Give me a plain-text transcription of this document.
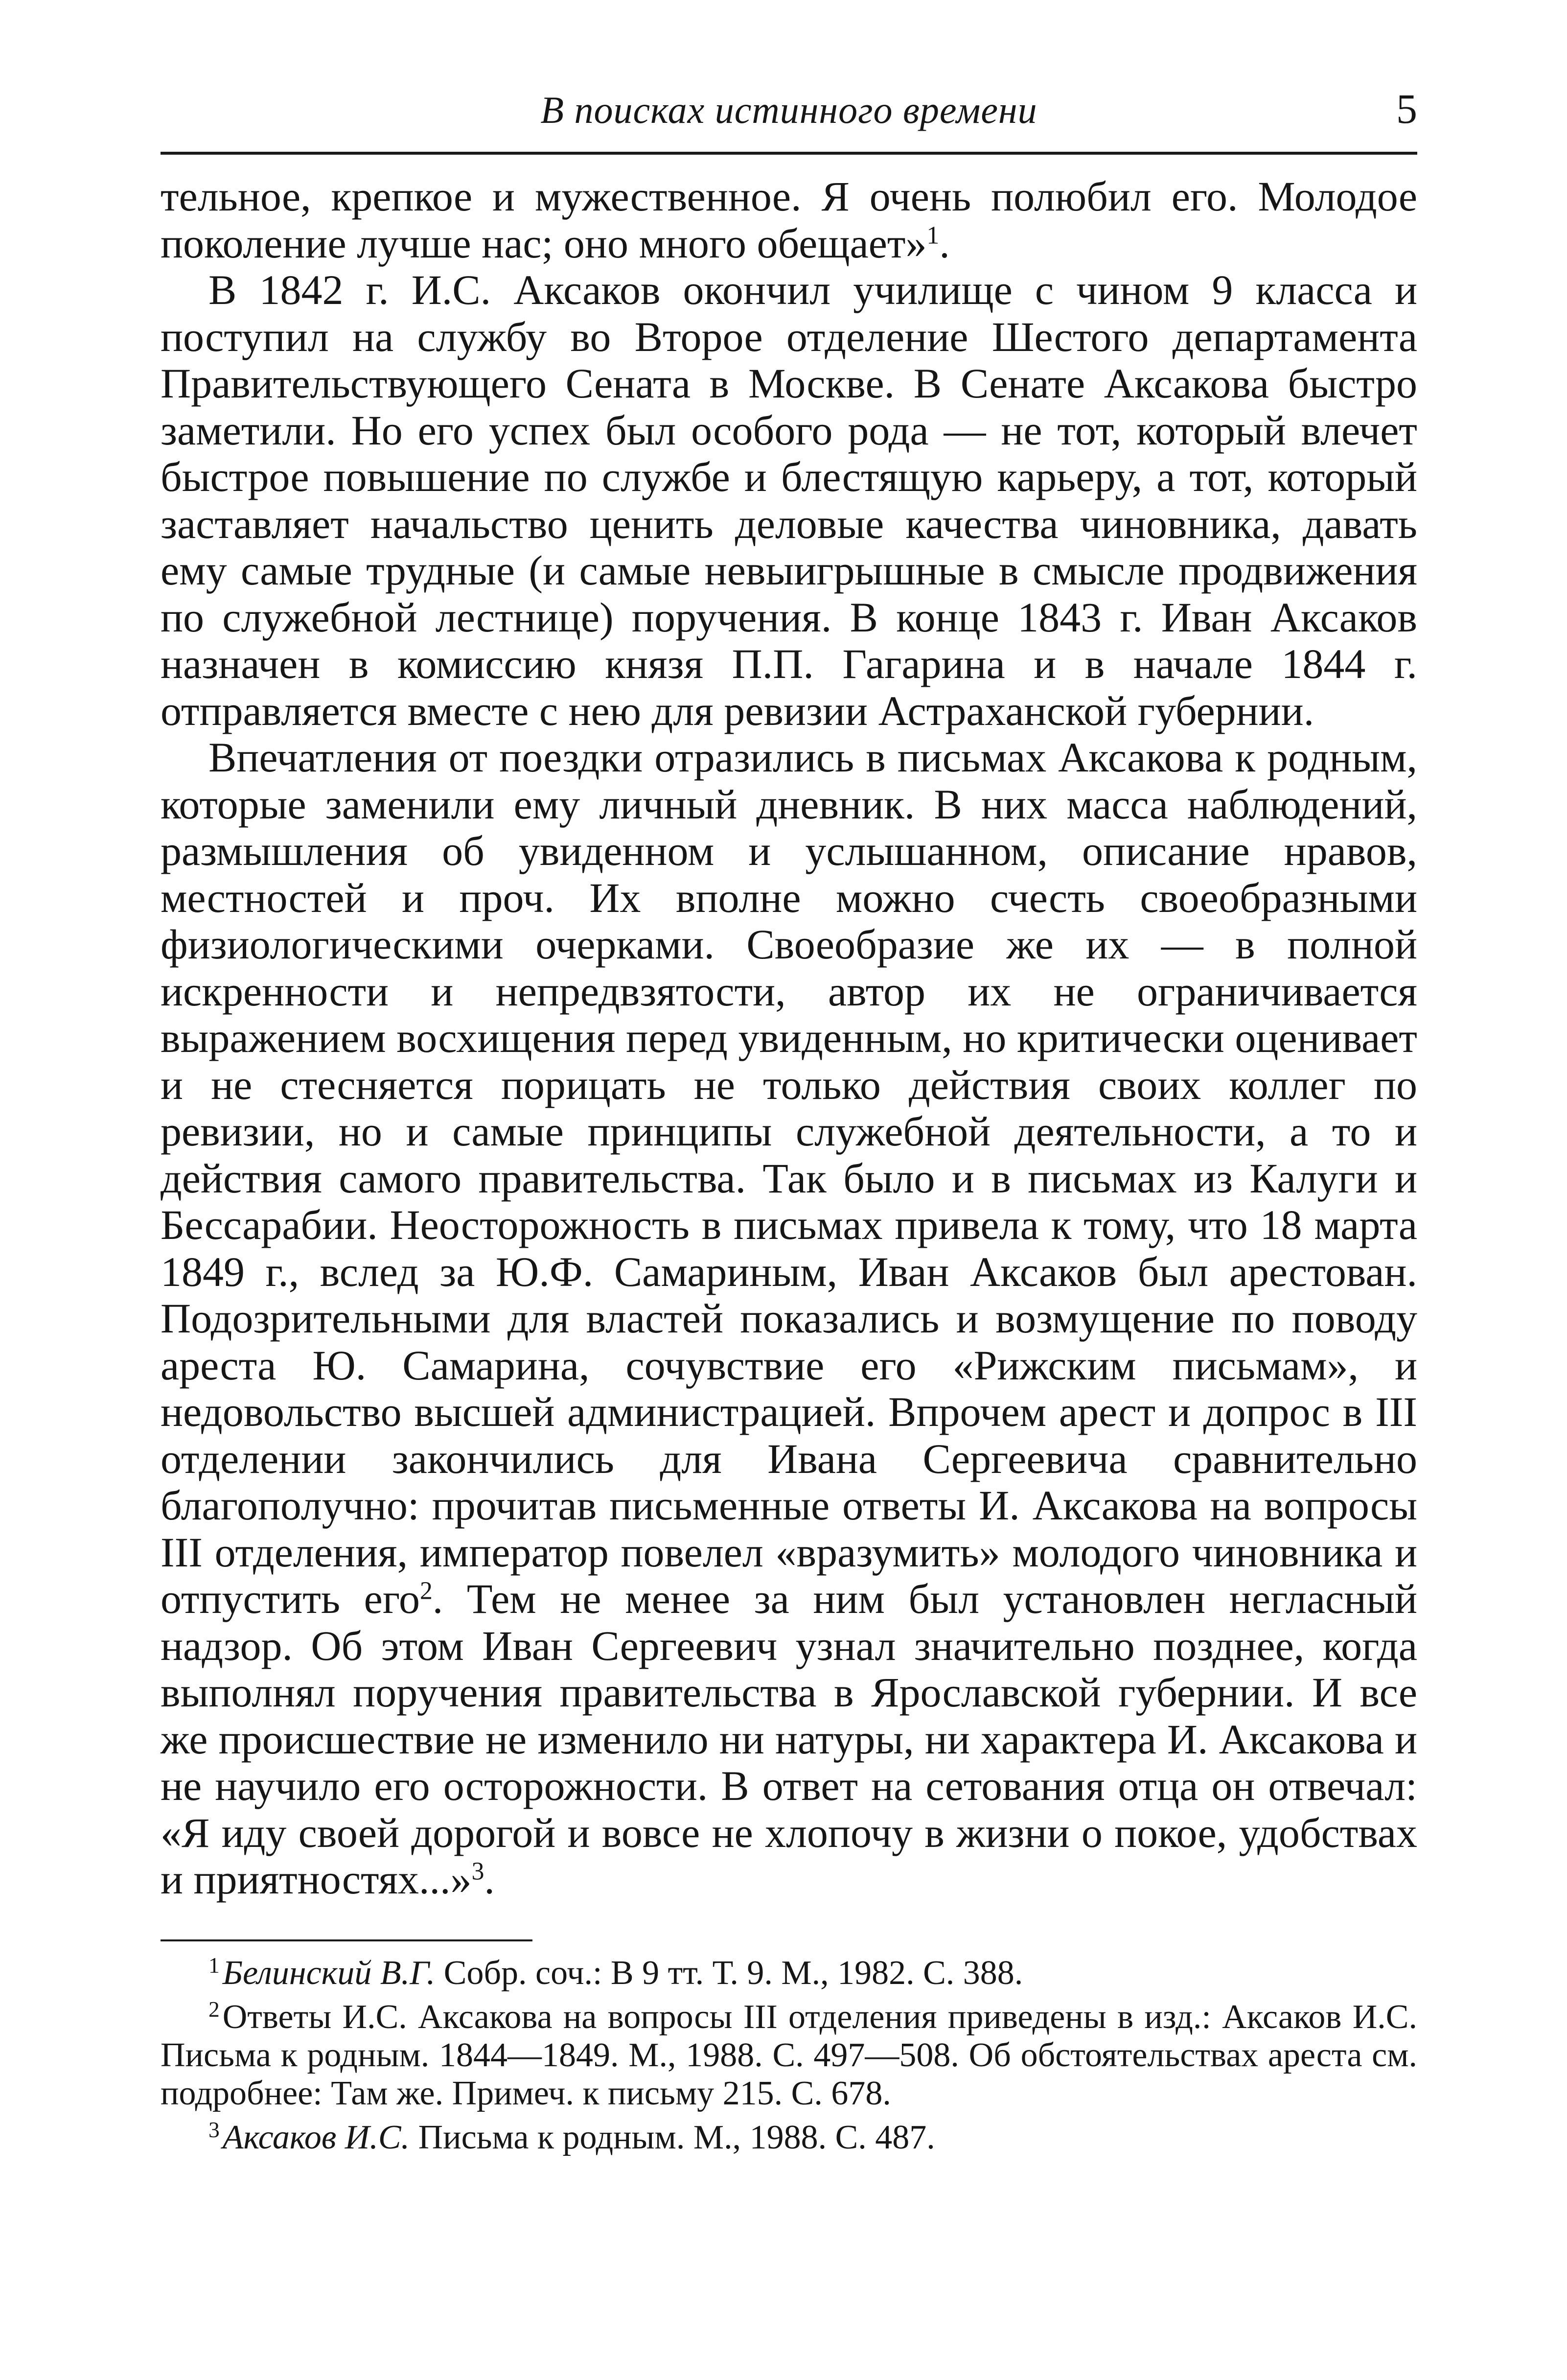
В поисках истинного времени	5

тельное, крепкое и мужественное. Я очень полюбил его. Молодое поколение лучше нас; оно много обещает»$^1$.

В 1842 г. И.С. Аксаков окончил училище с чином 9 класса и поступил на службу во Второе отделение Шестого департамента Правительствующего Сената в Москве. В Сенате Аксакова быстро заметили. Но его успех был особого рода — не тот, который влечет быстрое повышение по службе и блестящую карьеру, а тот, который заставляет начальство ценить деловые качества чиновника, давать ему самые трудные (и самые невыигрышные в смысле продвижения по служебной лестнице) поручения. В конце 1843 г. Иван Аксаков назначен в комиссию князя П.П. Гагарина и в начале 1844 г. отправляется вместе с нею для ревизии Астраханской губернии.

Впечатления от поездки отразились в письмах Аксакова к родным, которые заменили ему личный дневник. В них масса наблюдений, размышления об увиденном и услышанном, описание нравов, местностей и проч. Их вполне можно счесть своеобразными физиологическими очерками. Своеобразие же их — в полной искренности и непредвзятости, автор их не ограничивается выражением восхищения перед увиденным, но критически оценивает и не стесняется порицать не только действия своих коллег по ревизии, но и самые принципы служебной деятельности, а то и действия самого правительства. Так было и в письмах из Калуги и Бессарабии. Неосторожность в письмах привела к тому, что 18 марта 1849 г., вслед за Ю.Ф. Самариным, Иван Аксаков был арестован. Подозрительными для властей показались и возмущение по поводу ареста Ю. Самарина, сочувствие его «Рижским письмам», и недовольство высшей администрацией. Впрочем арест и допрос в III отделении закончились для Ивана Сергеевича сравнительно благополучно: прочитав письменные ответы И. Аксакова на вопросы III отделения, император повелел «вразумить» молодого чиновника и отпустить его$^2$. Тем не менее за ним был установлен негласный надзор. Об этом Иван Сергеевич узнал значительно позднее, когда выполнял поручения правительства в Ярославской губернии. И все же происшествие не изменило ни натуры, ни характера И. Аксакова и не научило его осторожности. В ответ на сетования отца он отвечал: «Я иду своей дорогой и вовсе не хлопочу в жизни о покое, удобствах и приятностях...»$^3$.

$^1$Белинский В.Г. Собр. соч.: В 9 тт. Т. 9. М., 1982. С. 388.

$^2$Ответы И.С. Аксакова на вопросы III отделения приведены в изд.: Аксаков И.С. Письма к родным. 1844—1849. М., 1988. С. 497—508. Об обстоятельствах ареста см. подробнее: Там же. Примеч. к письму 215. С. 678.

$^3$Аксаков И.С. Письма к родным. М., 1988. С. 487.
